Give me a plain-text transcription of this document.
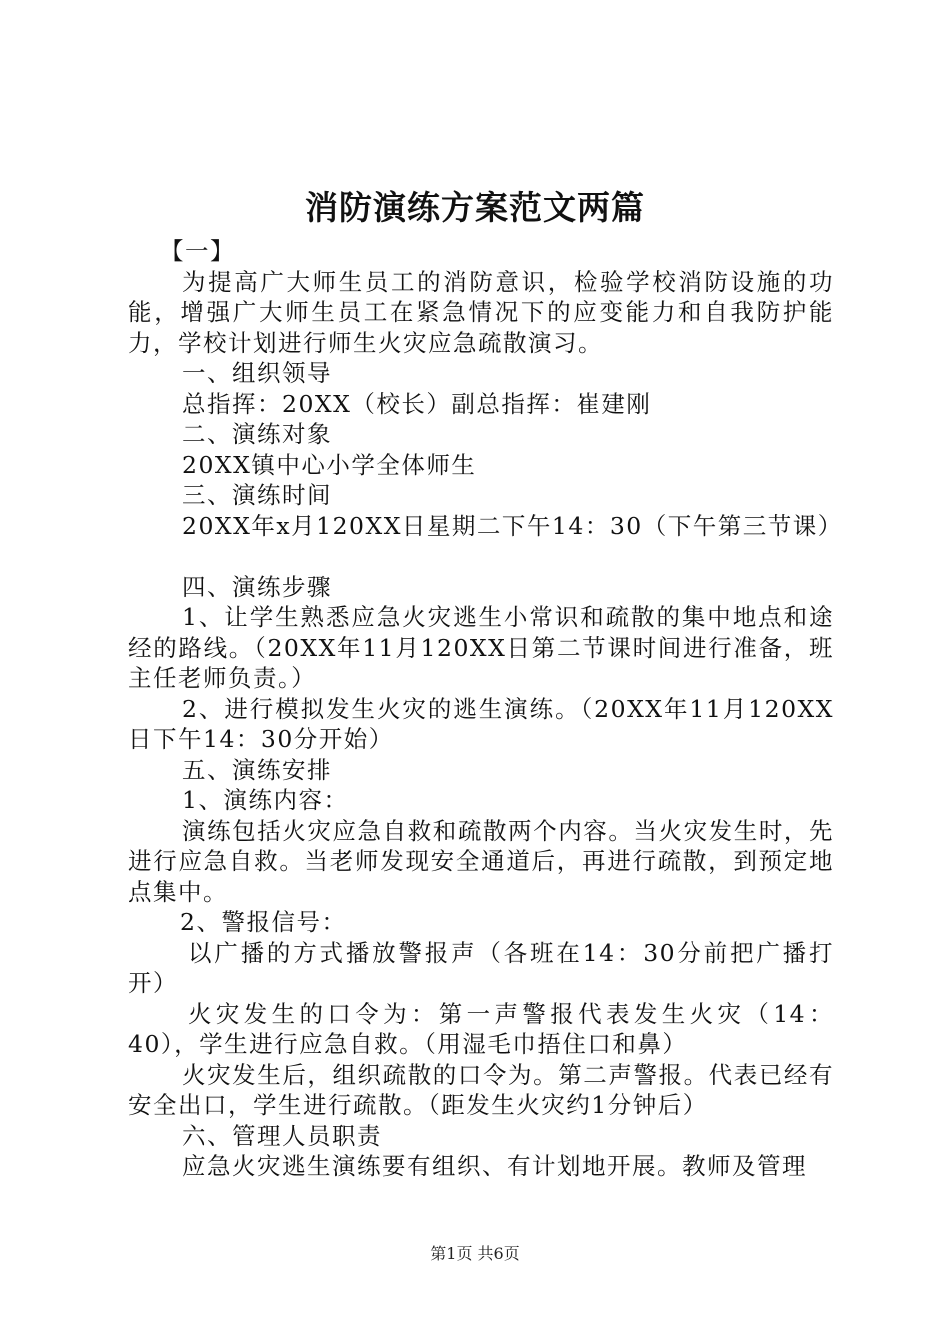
消防演练方案范文两篇

【一】

为提高广大师生员工的消防意识，检验学校消防设施的功能，增强广大师生员工在紧急情况下的应变能力和自我防护能力，学校计划进行师生火灾应急疏散演习。

一、组织领导

总指挥：20XX（校长）副总指挥：崔建刚

二、演练对象

20XX镇中心小学全体师生

三、演练时间

20XX年x月120XX日星期二下午14：30（下午第三节课）

四、演练步骤

1、让学生熟悉应急火灾逃生小常识和疏散的集中地点和途经的路线。（20XX年11月120XX日第二节课时间进行准备，班主任老师负责。）

2、进行模拟发生火灾的逃生演练。（20XX年11月120XX日下午14：30分开始）

五、演练安排

1、演练内容：

演练包括火灾应急自救和疏散两个内容。当火灾发生时，先进行应急自救。当老师发现安全通道后，再进行疏散，到预定地点集中。

2、警报信号：

以广播的方式播放警报声（各班在14：30分前把广播打开）

火灾发生的口令为：第一声警报代表发生火灾（14：40），学生进行应急自救。（用湿毛巾捂住口和鼻）

火灾发生后，组织疏散的口令为。第二声警报。代表已经有安全出口，学生进行疏散。（距发生火灾约1分钟后）

六、管理人员职责

应急火灾逃生演练要有组织、有计划地开展。教师及管理

第1页 共6页
